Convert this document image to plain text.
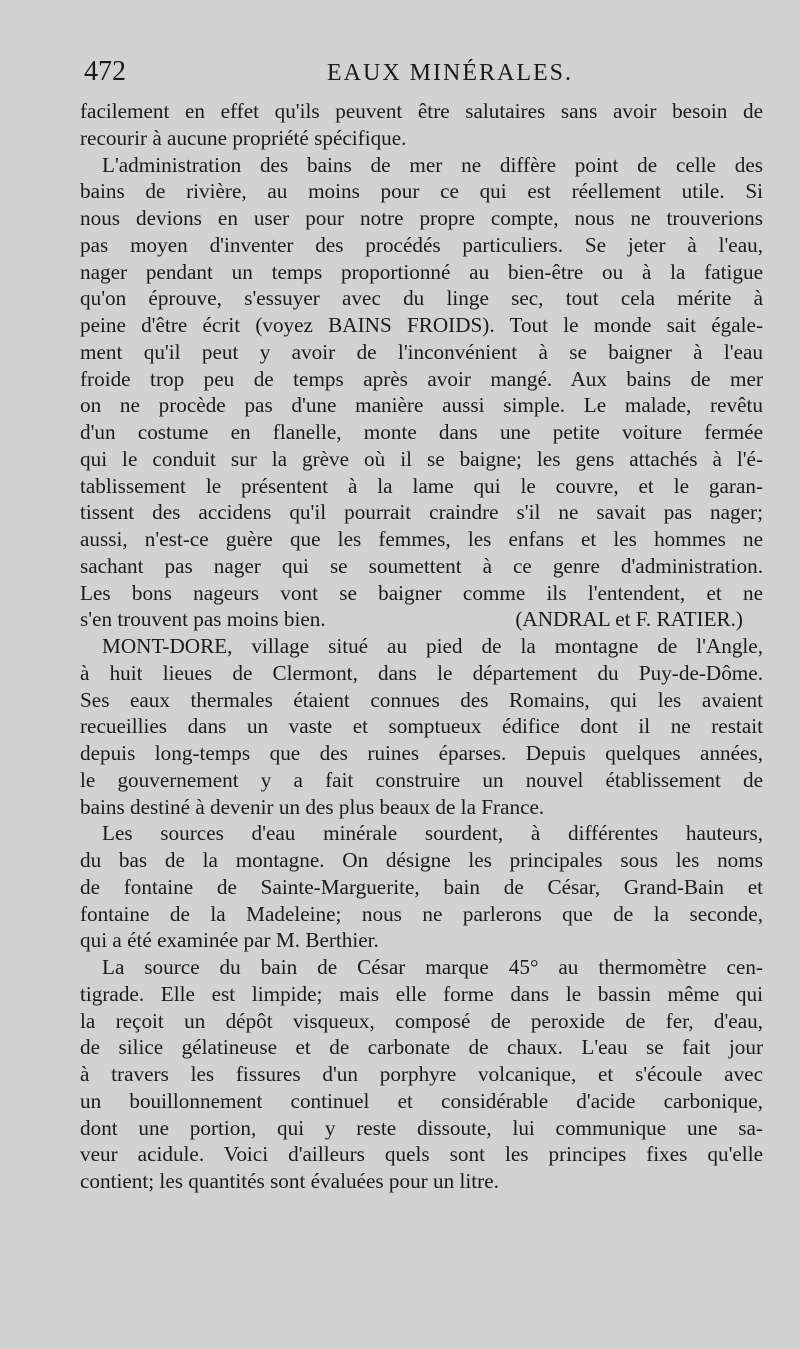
472	EAUX MINÉRALES.
facilement en effet qu'ils peuvent être salutaires sans avoir besoin de
recourir à aucune propriété spécifique.
L'administration des bains de mer ne diffère point de celle des
bains de rivière, au moins pour ce qui est réellement utile. Si
nous devions en user pour notre propre compte, nous ne trouverions
pas moyen d'inventer des procédés particuliers. Se jeter à l'eau,
nager pendant un temps proportionné au bien-être ou à la fatigue
qu'on éprouve, s'essuyer avec du linge sec, tout cela mérite à
peine d'être écrit (voyez BAINS FROIDS). Tout le monde sait égale-
ment qu'il peut y avoir de l'inconvénient à se baigner à l'eau
froide trop peu de temps après avoir mangé. Aux bains de mer
on ne procède pas d'une manière aussi simple. Le malade, revêtu
d'un costume en flanelle, monte dans une petite voiture fermée
qui le conduit sur la grève où il se baigne; les gens attachés à l'é-
tablissement le présentent à la lame qui le couvre, et le garan-
tissent des accidens qu'il pourrait craindre s'il ne savait pas nager;
aussi, n'est-ce guère que les femmes, les enfans et les hommes ne
sachant pas nager qui se soumettent à ce genre d'administration.
Les bons nageurs vont se baigner comme ils l'entendent, et ne
s'en trouvent pas moins bien.	(ANDRAL et F. RATIER.)
MONT-DORE, village situé au pied de la montagne de l'Angle,
à huit lieues de Clermont, dans le département du Puy-de-Dôme.
Ses eaux thermales étaient connues des Romains, qui les avaient
recueillies dans un vaste et somptueux édifice dont il ne restait
depuis long-temps que des ruines éparses. Depuis quelques années,
le gouvernement y a fait construire un nouvel établissement de
bains destiné à devenir un des plus beaux de la France.
Les sources d'eau minérale sourdent, à différentes hauteurs,
du bas de la montagne. On désigne les principales sous les noms
de fontaine de Sainte-Marguerite, bain de César, Grand-Bain et
fontaine de la Madeleine; nous ne parlerons que de la seconde,
qui a été examinée par M. Berthier.
La source du bain de César marque 45° au thermomètre cen-
tigrade. Elle est limpide; mais elle forme dans le bassin même qui
la reçoit un dépôt visqueux, composé de peroxide de fer, d'eau,
de silice gélatineuse et de carbonate de chaux. L'eau se fait jour
à travers les fissures d'un porphyre volcanique, et s'écoule avec
un bouillonnement continuel et considérable d'acide carbonique,
dont une portion, qui y reste dissoute, lui communique une sa-
veur acidule. Voici d'ailleurs quels sont les principes fixes qu'elle
contient; les quantités sont évaluées pour un litre.
